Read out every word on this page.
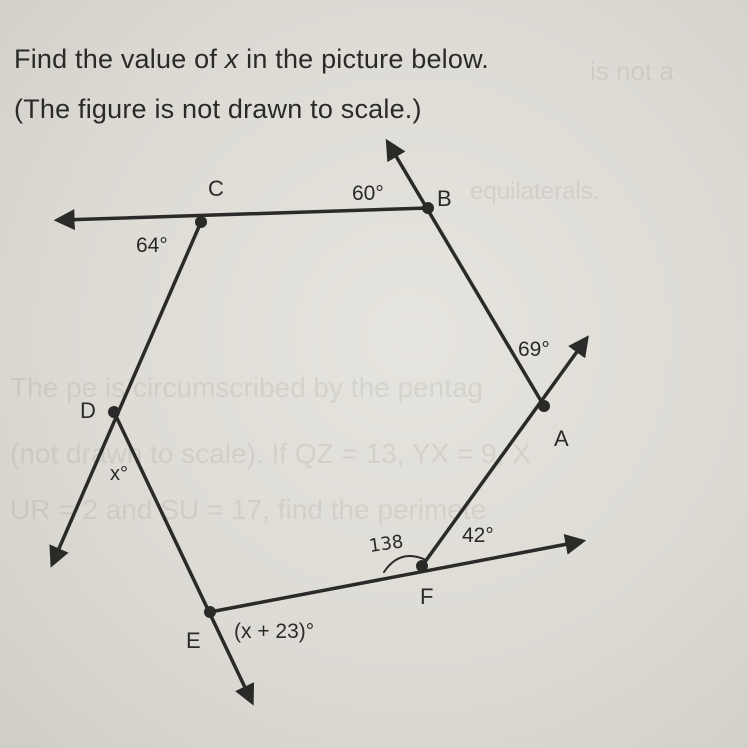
is not a
equilaterals.
The pe is circumscribed by the pentag
(not drawn to scale). If QZ = 13, YX = 9, X
UR = 2 and SU = 17, find the perimete
Find the value of x in the picture below.
(The figure is not drawn to scale.)
C	B
A
D
E
F
60°
64°
69°
42°
x°
(x + 23)°
138
